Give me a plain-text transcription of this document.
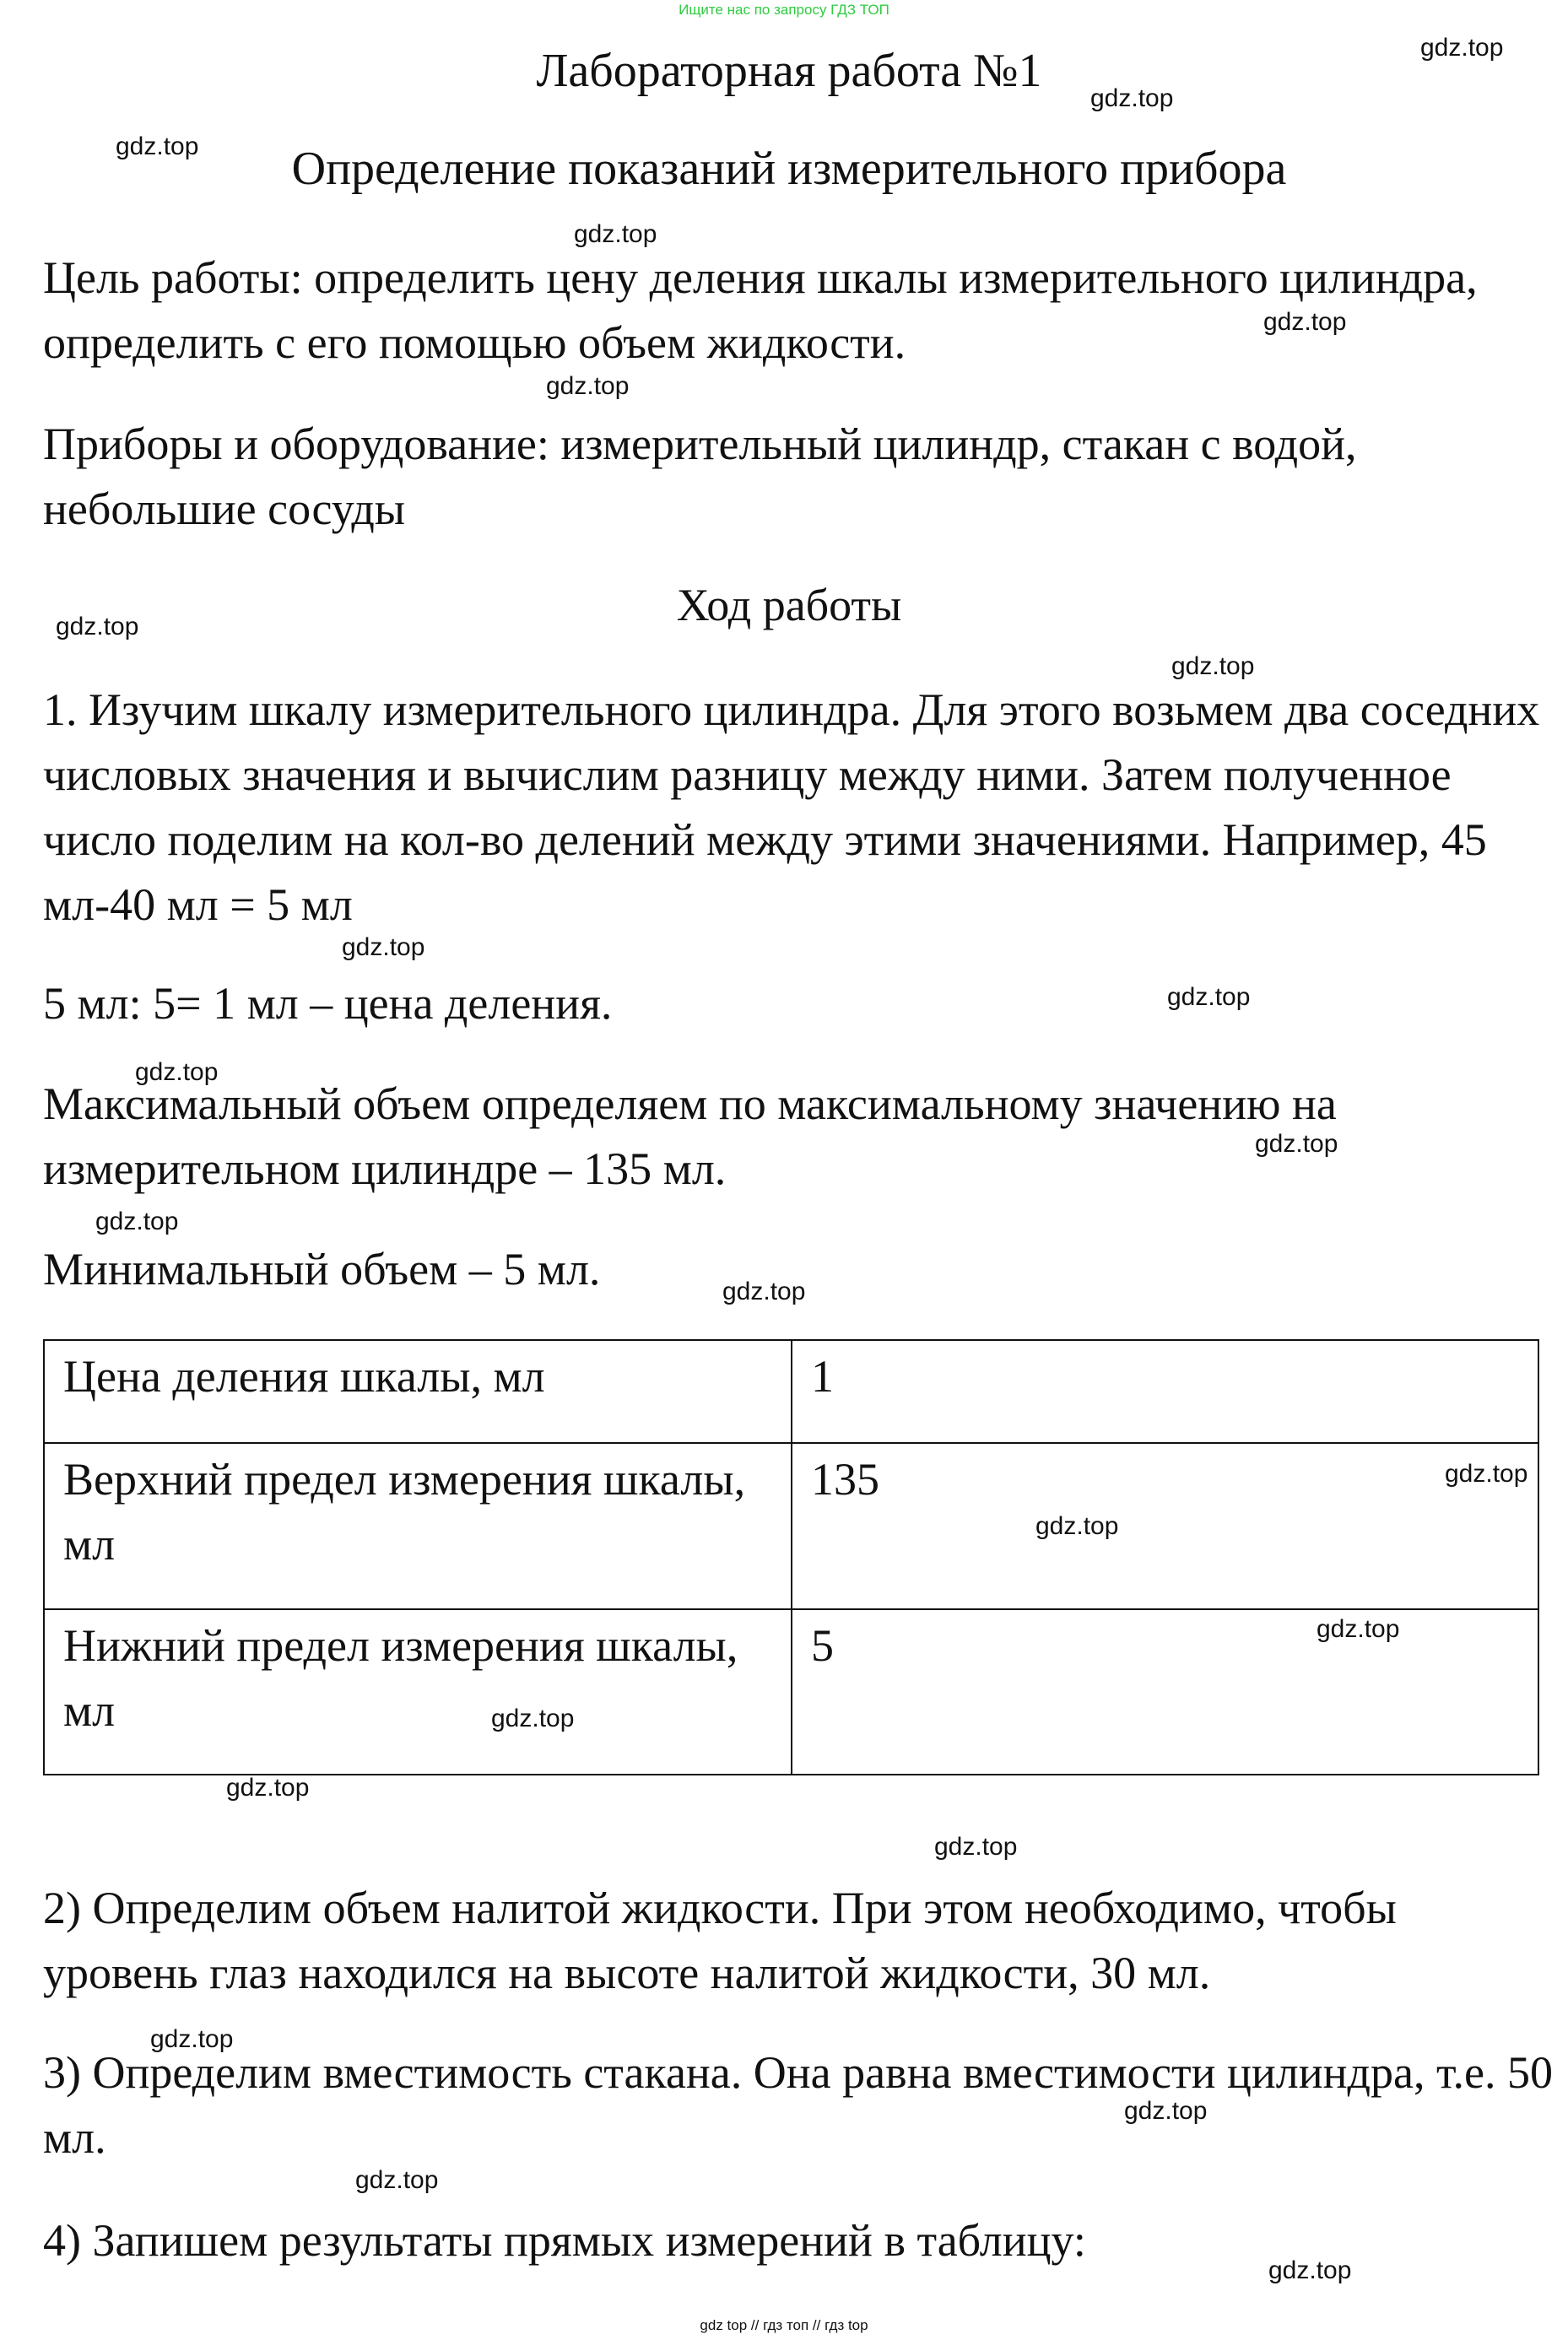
Ищите нас по запросу ГДЗ ТОП
Лабораторная работа №1
Определение показаний измерительного прибора
Цель работы: определить цену деления шкалы измерительного цилиндра, определить с его помощью объем жидкости.
Приборы и оборудование: измерительный цилиндр, стакан с водой, небольшие сосуды
Ход работы
1. Изучим шкалу измерительного цилиндра. Для этого возьмем два соседних числовых значения и вычислим разницу между ними. Затем полученное число поделим на кол-во делений между этими значениями. Например, 45 мл-40 мл = 5 мл
5 мл: 5= 1 мл – цена деления.
Максимальный объем определяем по максимальному значению на измерительном цилиндре – 135 мл.
Минимальный объем – 5 мл.
Цена деления шкалы, мл	1
Верхний предел измерения шкалы, мл	135
Нижний предел измерения шкалы, мл	5
2) Определим объем налитой жидкости. При этом необходимо, чтобы уровень глаз находился на высоте налитой жидкости, 30 мл.
3) Определим вместимость стакана. Она равна вместимости цилиндра, т.е. 50 мл.
4) Запишем результаты прямых измерений в таблицу:
gdz.top
gdz.top
gdz.top
gdz.top
gdz.top
gdz.top
gdz.top
gdz.top
gdz.top
gdz.top
gdz.top
gdz.top
gdz.top
gdz.top
gdz.top
gdz.top
gdz.top
gdz.top
gdz.top
gdz.top
gdz.top
gdz.top
gdz.top
gdz.top
gdz top // гдз топ // гдз top
